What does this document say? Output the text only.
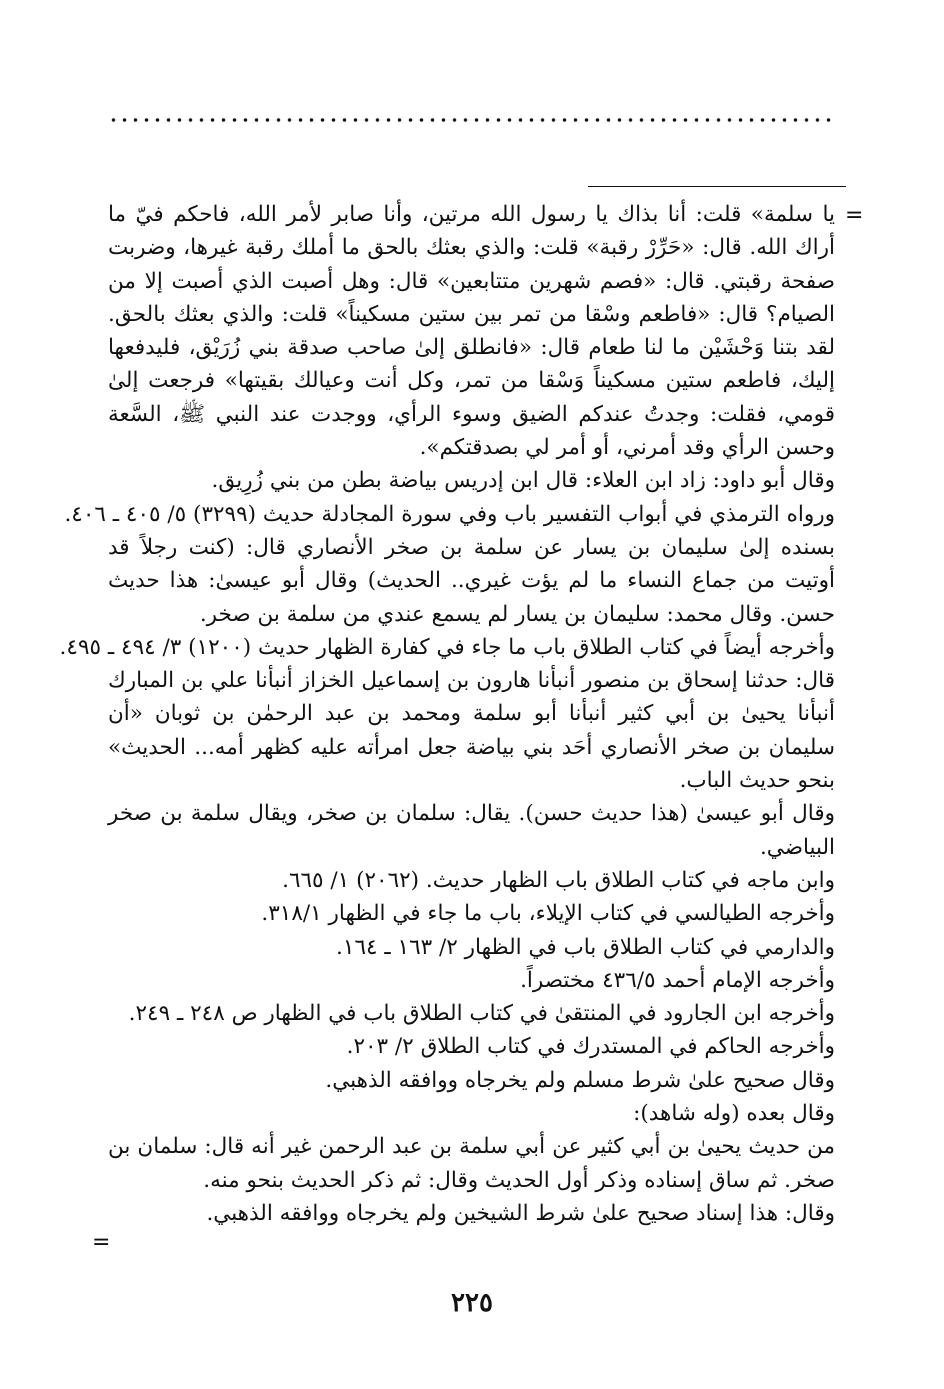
=
=
يا سلمة» قلت: أنا بذاك يا رسول الله مرتين، وأنا صابر لأمر الله، فاحكم فيّ ما
أراك الله. قال: «حَرِّرْ رقبة» قلت: والذي بعثك بالحق ما أملك رقبة غيرها، وضربت
صفحة رقبتي. قال: «فصم شهرين متتابعين» قال: وهل أصبت الذي أصبت إلا من
الصيام؟ قال: «فاطعم وسْقا من تمر بين ستين مسكيناً» قلت: والذي بعثك بالحق.
لقد بتنا وَحْشَيْن ما لنا طعام قال: «فانطلق إلىٰ صاحب صدقة بني زُرَيْق، فليدفعها
إليك، فاطعم ستين مسكيناً وَسْقا من تمر، وكل أنت وعيالك بقيتها» فرجعت إلىٰ
قومي، فقلت: وجدتُ عندكم الضيق وسوء الرأي، ووجدت عند النبي ﷺ، السَّعة
وحسن الرأي وقد أمرني، أو أمر لي بصدقتكم».
وقال أبو داود: زاد ابن العلاء: قال ابن إدريس بياضة بطن من بني زُرِيق.
ورواه الترمذي في أبواب التفسير باب وفي سورة المجادلة حديث (٣٢٩٩) ٥/ ٤٠٥ ـ ٤٠٦.
بسنده إلىٰ سليمان بن يسار عن سلمة بن صخر الأنصاري قال: (كنت رجلاً قد
أوتيت من جماع النساء ما لم يؤت غيري.. الحديث) وقال أبو عيسىٰ: هذا حديث
حسن. وقال محمد: سليمان بن يسار لم يسمع عندي من سلمة بن صخر.
وأخرجه أيضاً في كتاب الطلاق باب ما جاء في كفارة الظهار حديث (١٢٠٠) ٣/ ٤٩٤ ـ ٤٩٥.
قال: حدثنا إسحاق بن منصور أنبأنا هارون بن إسماعيل الخزاز أنبأنا علي بن المبارك
أنبأنا يحيىٰ بن أبي كثير أنبأنا أبو سلمة ومحمد بن عبد الرحمٰن بن ثوبان «أن
سليمان بن صخر الأنصاري أحَد بني بياضة جعل امرأته عليه كظهر أمه... الحديث»
بنحو حديث الباب.
وقال أبو عيسىٰ (هذا حديث حسن). يقال: سلمان بن صخر، ويقال سلمة بن صخر
البياضي.
وابن ماجه في كتاب الطلاق باب الظهار حديث. (٢٠٦٢) ١/ ٦٦٥.
وأخرجه الطيالسي في كتاب الإيلاء، باب ما جاء في الظهار ٣١٨/١.
والدارمي في كتاب الطلاق باب في الظهار ٢/ ١٦٣ ـ ١٦٤.
وأخرجه الإمام أحمد ٤٣٦/٥ مختصراً.
وأخرجه ابن الجارود في المنتقىٰ في كتاب الطلاق باب في الظهار ص ٢٤٨ ـ ٢٤٩.
وأخرجه الحاكم في المستدرك في كتاب الطلاق ٢/ ٢٠٣.
وقال صحيح علىٰ شرط مسلم ولم يخرجاه ووافقه الذهبي.
وقال بعده (وله شاهد):
من حديث يحيىٰ بن أبي كثير عن أبي سلمة بن عبد الرحمن غير أنه قال: سلمان بن
صخر. ثم ساق إسناده وذكر أول الحديث وقال: ثم ذكر الحديث بنحو منه.
وقال: هذا إسناد صحيح علىٰ شرط الشيخين ولم يخرجاه ووافقه الذهبي.
٢٢٥
